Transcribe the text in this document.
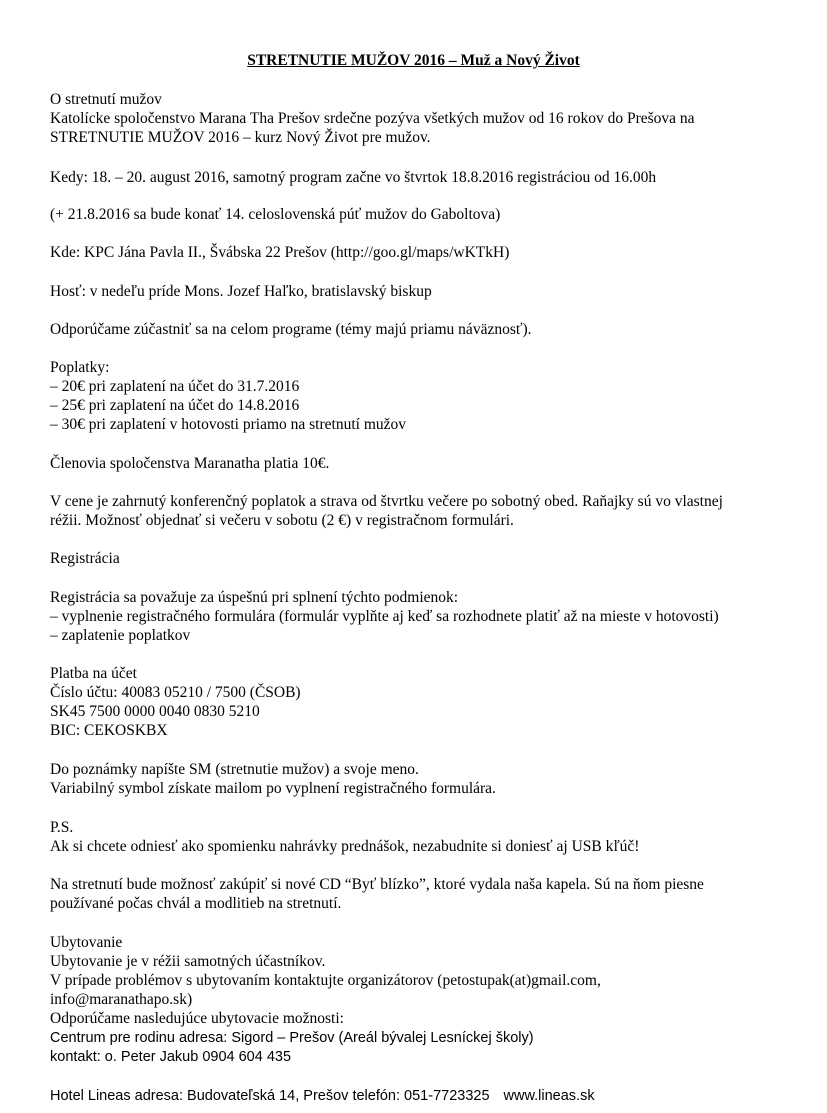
STRETNUTIE MUŽOV 2016 – Muž a Nový Život
O stretnutí mužov
Katolícke spoločenstvo Marana Tha Prešov srdečne pozýva všetkých mužov od 16 rokov do Prešova na
STRETNUTIE MUŽOV 2016 – kurz Nový Život pre mužov.
Kedy: 18. – 20. august 2016, samotný program začne vo štvrtok 18.8.2016 registráciou od 16.00h
(+ 21.8.2016 sa bude konať 14. celoslovenská púť mužov do Gaboltova)
Kde: KPC Jána Pavla II., Švábska 22 Prešov (http://goo.gl/maps/wKTkH)
Hosť: v nedeľu príde Mons. Jozef Haľko, bratislavský biskup
Odporúčame zúčastniť sa na celom programe (témy majú priamu náväznosť).
Poplatky:
– 20€ pri zaplatení na účet do 31.7.2016
– 25€ pri zaplatení na účet do 14.8.2016
– 30€ pri zaplatení v hotovosti priamo na stretnutí mužov
Členovia spoločenstva Maranatha platia 10€.
V cene je zahrnutý konferenčný poplatok a strava od štvrtku večere po sobotný obed. Raňajky sú vo vlastnej
réžii. Možnosť objednať si večeru v sobotu (2 €) v registračnom formulári.
Registrácia
Registrácia sa považuje za úspešnú pri splnení týchto podmienok:
– vyplnenie registračného formulára (formulár vyplňte aj keď sa rozhodnete platiť až na mieste v hotovosti)
– zaplatenie poplatkov
Platba na účet
Číslo účtu: 40083 05210 / 7500 (ČSOB)
SK45 7500 0000 0040 0830 5210
BIC: CEKOSKBX
Do poznámky napíšte SM (stretnutie mužov) a svoje meno.
Variabilný symbol získate mailom po vyplnení registračného formulára.
P.S.
Ak si chcete odniesť ako spomienku nahrávky prednášok, nezabudnite si doniesť aj USB kľúč!
Na stretnutí bude možnosť zakúpiť si nové CD “Byť blízko”, ktoré vydala naša kapela. Sú na ňom piesne
používané počas chvál a modlitieb na stretnutí.
Ubytovanie
Ubytovanie je v réžii samotných účastníkov.
V prípade problémov s ubytovaním kontaktujte organizátorov (petostupak(at)gmail.com,
info@maranathapo.sk)
Odporúčame nasledujúce ubytovacie možnosti:
Centrum pre rodinu adresa: Sigord – Prešov (Areál bývalej Lesníckej školy)
kontakt: o. Peter Jakub 0904 604 435
Hotel Lineas adresa: Budovateľská 14, Prešov telefón: 051-7723325 www.lineas.sk
